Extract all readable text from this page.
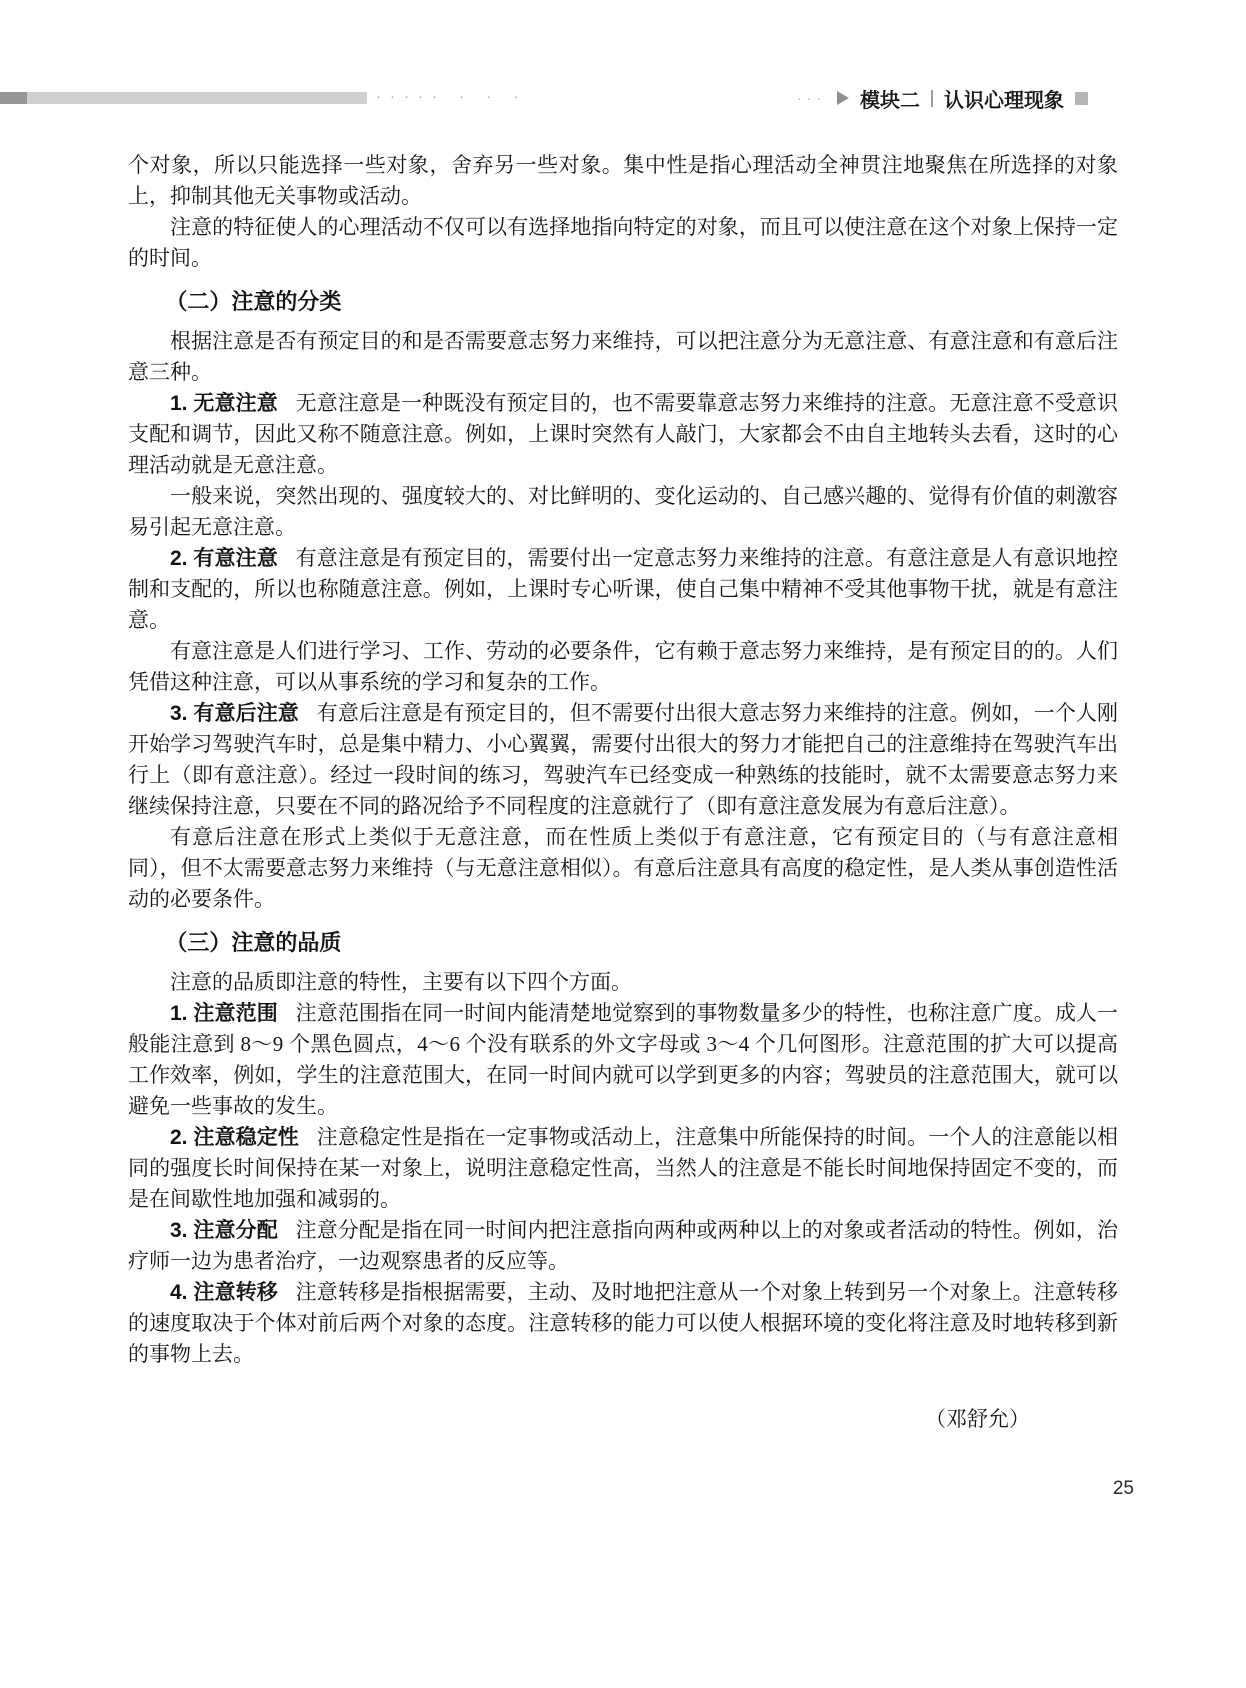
····· · · ·	··· 模块二 认识心理现象

个对象，所以只能选择一些对象，舍弃另一些对象。集中性是指心理活动全神贯注地聚焦在所选择的对象上，抑制其他无关事物或活动。

注意的特征使人的心理活动不仅可以有选择地指向特定的对象，而且可以使注意在这个对象上保持一定的时间。

（二）注意的分类

根据注意是否有预定目的和是否需要意志努力来维持，可以把注意分为无意注意、有意注意和有意后注意三种。

1. 无意注意 无意注意是一种既没有预定目的，也不需要靠意志努力来维持的注意。无意注意不受意识支配和调节，因此又称不随意注意。例如，上课时突然有人敲门，大家都会不由自主地转头去看，这时的心理活动就是无意注意。

一般来说，突然出现的、强度较大的、对比鲜明的、变化运动的、自己感兴趣的、觉得有价值的刺激容易引起无意注意。

2. 有意注意 有意注意是有预定目的，需要付出一定意志努力来维持的注意。有意注意是人有意识地控制和支配的，所以也称随意注意。例如，上课时专心听课，使自己集中精神不受其他事物干扰，就是有意注意。

有意注意是人们进行学习、工作、劳动的必要条件，它有赖于意志努力来维持，是有预定目的的。人们凭借这种注意，可以从事系统的学习和复杂的工作。

3. 有意后注意 有意后注意是有预定目的，但不需要付出很大意志努力来维持的注意。例如，一个人刚开始学习驾驶汽车时，总是集中精力、小心翼翼，需要付出很大的努力才能把自己的注意维持在驾驶汽车出行上（即有意注意）。经过一段时间的练习，驾驶汽车已经变成一种熟练的技能时，就不太需要意志努力来继续保持注意，只要在不同的路况给予不同程度的注意就行了（即有意注意发展为有意后注意）。

有意后注意在形式上类似于无意注意，而在性质上类似于有意注意，它有预定目的（与有意注意相同），但不太需要意志努力来维持（与无意注意相似）。有意后注意具有高度的稳定性，是人类从事创造性活动的必要条件。

（三）注意的品质

注意的品质即注意的特性，主要有以下四个方面。

1. 注意范围 注意范围指在同一时间内能清楚地觉察到的事物数量多少的特性，也称注意广度。成人一般能注意到 8～9 个黑色圆点，4～6 个没有联系的外文字母或 3～4 个几何图形。注意范围的扩大可以提高工作效率，例如，学生的注意范围大，在同一时间内就可以学到更多的内容；驾驶员的注意范围大，就可以避免一些事故的发生。

2. 注意稳定性 注意稳定性是指在一定事物或活动上，注意集中所能保持的时间。一个人的注意能以相同的强度长时间保持在某一对象上，说明注意稳定性高，当然人的注意是不能长时间地保持固定不变的，而是在间歇性地加强和减弱的。

3. 注意分配 注意分配是指在同一时间内把注意指向两种或两种以上的对象或者活动的特性。例如，治疗师一边为患者治疗，一边观察患者的反应等。

4. 注意转移 注意转移是指根据需要，主动、及时地把注意从一个对象上转到另一个对象上。注意转移的速度取决于个体对前后两个对象的态度。注意转移的能力可以使人根据环境的变化将注意及时地转移到新的事物上去。

（邓舒允）
25
